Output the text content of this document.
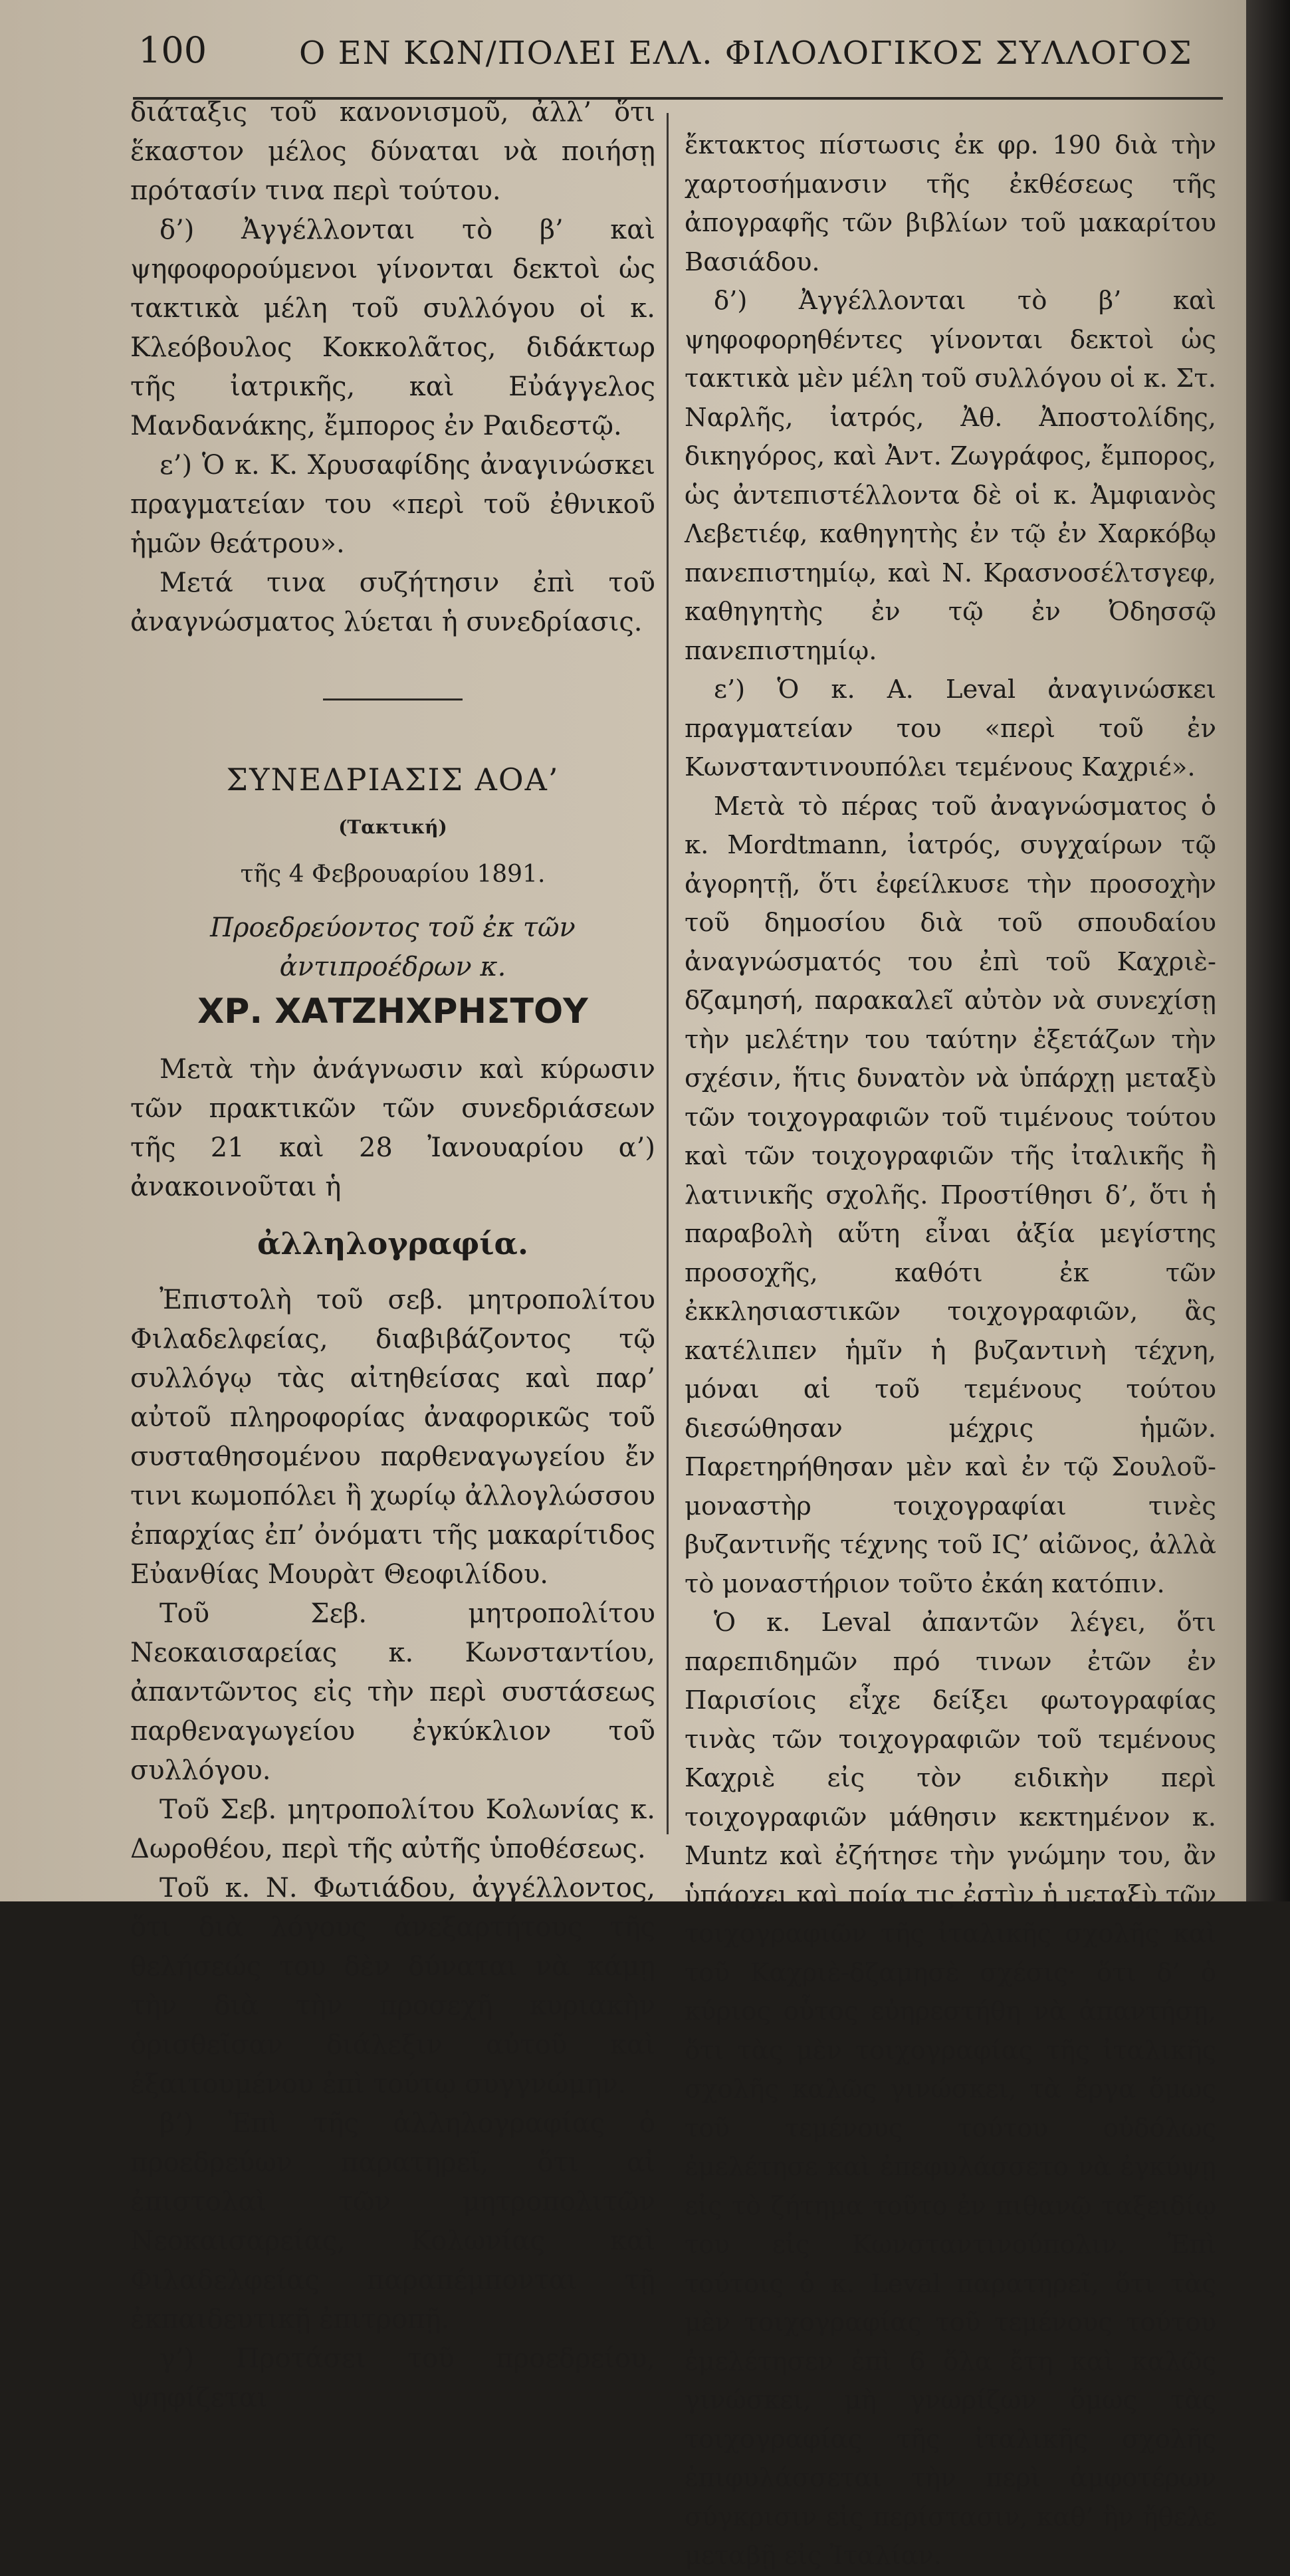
100	Ο ΕΝ ΚΩΝ/ΠΟΛΕΙ ΕΛΛ. ΦΙΛΟΛΟΓΙΚΟΣ ΣΥΛΛΟΓΟΣ

διάταξις τοῦ κανονισμοῦ, ἀλλ’ ὅτι ἕκαστον μέλος δύναται νὰ ποιήσῃ πρότασίν τινα περὶ τούτου.

δ’) Ἀγγέλλονται τὸ β’ καὶ ψηφοφορούμενοι γίνονται δεκτοὶ ὡς τακτικὰ μέλη τοῦ συλλόγου οἱ κ. Κλεόβουλος Κοκκολᾶτος, διδάκτωρ τῆς ἰατρικῆς, καὶ Εὐάγγελος Μανδανάκης, ἔμπορος ἐν Ραιδεστῷ.

ε’) Ὁ κ. Κ. Χρυσαφίδης ἀναγινώσκει πραγματείαν του «περὶ τοῦ ἐθνικοῦ ἡμῶν θεάτρου».

Μετά τινα συζήτησιν ἐπὶ τοῦ ἀναγνώσματος λύεται ἡ συνεδρίασις.

ΣΥΝΕΔΡΙΑΣΙΣ ΑΟΑ’
(Τακτική)
τῆς 4 Φεβρουαρίου 1891.
Προεδρεύοντος τοῦ ἐκ τῶν ἀντιπροέδρων κ.
ΧΡ. ΧΑΤΖΗΧΡΗΣΤΟΥ

Μετὰ τὴν ἀνάγνωσιν καὶ κύρωσιν τῶν πρακτικῶν τῶν συνεδριάσεων τῆς 21 καὶ 28 Ἰανουαρίου α’) ἀνακοινοῦται ἡ

ἀλληλογραφία.

Ἐπιστολὴ τοῦ σεβ. μητροπολίτου Φιλαδελφείας, διαβιβάζοντος τῷ συλλόγῳ τὰς αἰτηθείσας καὶ παρ’ αὐτοῦ πληροφορίας ἀναφορικῶς τοῦ συσταθησομένου παρθεναγωγείου ἔν τινι κωμοπόλει ἢ χωρίῳ ἀλλογλώσσου ἐπαρχίας ἐπ’ ὀνόματι τῆς μακαρίτιδος Εὐανθίας Μουρὰτ Θεοφιλίδου.

Τοῦ Σεβ. μητροπολίτου Νεοκαισαρείας κ. Κωνσταντίου, ἀπαντῶντος εἰς τὴν περὶ συστάσεως παρθεναγωγείου ἐγκύκλιον τοῦ συλλόγου.

Τοῦ Σεβ. μητροπολίτου Κολωνίας κ. Δωροθέου, περὶ τῆς αὐτῆς ὑποθέσεως.

Τοῦ κ. Ν. Φωτιάδου, ἀγγέλλοντος, ὅτι διὰ λόγους ἀνεξαρτήτους τῆς θελήσεώς του δὲν δύναται νὰ κάμῃ τὴν διὰ τὴν προσεχῆ κυριακὴν ὁρισθεῖσαν διάλεξιν αὐτοῦ καὶ ἐξαιτουμένου ἐπὶ τούτῳ συγγνώμην.

β’) Ἐπὶ τῆς ἀλληλογραφίας ὁ προεδρεύων παρατηρεῖ, ὅτι αἱ ἐπιστολαὶ τῶν μητροπολιτῶν Νεοκαισαρείας, Κολωνίας καὶ Φιλαδελφείας παραπέμπονται τῇ ἐκπαιδευτικῇ ἐπιτροπῇ.

γ’) Προτάσει τοῦ προεδρείου, ψηφίζεται

ἔκτακτος πίστωσις ἐκ φρ. 190 διὰ τὴν χαρτοσήμανσιν τῆς ἐκθέσεως τῆς ἀπογραφῆς τῶν βιβλίων τοῦ μακαρίτου Βασιάδου.

δ’) Ἀγγέλλονται τὸ β’ καὶ ψηφοφορηθέντες γίνονται δεκτοὶ ὡς τακτικὰ μὲν μέλη τοῦ συλλόγου οἱ κ. Στ. Ναρλῆς, ἰατρός, Ἀθ. Ἀποστολίδης, δικηγόρος, καὶ Ἀντ. Ζωγράφος, ἔμπορος, ὡς ἀντεπιστέλλοντα δὲ οἱ κ. Ἀμφιανὸς Λεβετιέφ, καθηγητὴς ἐν τῷ ἐν Χαρκόβῳ πανεπιστημίῳ, καὶ Ν. Κρασνοσέλτσγεφ, καθηγητὴς ἐν τῷ ἐν Ὀδησσῷ πανεπιστημίῳ.

ε’) Ὁ κ. Α. Leval ἀναγινώσκει πραγματείαν του «περὶ τοῦ ἐν Κωνσταντινουπόλει τεμένους Καχριέ».

Μετὰ τὸ πέρας τοῦ ἀναγνώσματος ὁ κ. Mordtmann, ἰατρός, συγχαίρων τῷ ἀγορητῇ, ὅτι ἐφείλκυσε τὴν προσοχὴν τοῦ δημοσίου διὰ τοῦ σπουδαίου ἀναγνώσματός του ἐπὶ τοῦ Καχριὲ-δζαμησή, παρακαλεῖ αὐτὸν νὰ συνεχίσῃ τὴν μελέτην του ταύτην ἐξετάζων τὴν σχέσιν, ἥτις δυνατὸν νὰ ὑπάρχῃ μεταξὺ τῶν τοιχογραφιῶν τοῦ τιμένους τούτου καὶ τῶν τοιχογραφιῶν τῆς ἰταλικῆς ἢ λατινικῆς σχολῆς. Προστίθησι δ’, ὅτι ἡ παραβολὴ αὕτη εἶναι ἀξία μεγίστης προσοχῆς, καθότι ἐκ τῶν ἐκκλησιαστικῶν τοιχογραφιῶν, ἃς κατέλιπεν ἡμῖν ἡ βυζαντινὴ τέχνη, μόναι αἱ τοῦ τεμένους τούτου διεσώθησαν μέχρις ἡμῶν. Παρετηρήθησαν μὲν καὶ ἐν τῷ Σουλοῦ-μοναστὴρ τοιχογραφίαι τινὲς βυζαντινῆς τέχνης τοῦ ΙϚ’ αἰῶνος, ἀλλὰ τὸ μοναστήριον τοῦτο ἐκάη κατόπιν.

Ὁ κ. Leval ἀπαντῶν λέγει, ὅτι παρεπιδημῶν πρό τινων ἐτῶν ἐν Παρισίοις εἶχε δείξει φωτογραφίας τινὰς τῶν τοιχογραφιῶν τοῦ τεμένους Καχριὲ εἰς τὸν ειδικὴν περὶ τοιχογραφιῶν μάθησιν κεκτημένον κ. Muntz καὶ ἐζήτησε τὴν γνώμην του, ἂν ὑπάρχει καὶ ποία τις ἐστὶν ἡ μεταξὺ τῶν τοιχογραφιῶν τῆς ἰταλικῆς σχολῆς καὶ τοῦ Καχριὲ-δζαμησὲ σχέσις· ὅτι δ’ ὁ κύριος οὗτος εὐηρεστήθη νὰ ἀπαντήσῃ, ὅτι τὰς μὲν τοιχογραφίας τῆς ἰταλικῆς σχολῆς καλῶς γινώσκει, τὰ ἔργα ὅμως τοῦ τεμένους τούτου οὐδόλως ἐμελέτησε καὶ ἐπεφυλάσσετο νὰ ἐγκύψῃ εἰς τὸ ζήτημα τοῦτο ἐν πιθανῷ ταξειδίῳ του εἰς Κωνσταντινούπολιν. Ἐπὶ τούτοις ὁ κ. Leval παρατηρεῖ, ὅτι τὰς μὲν τοιχογραφίας τοῦ τεμένους τούτου ἐμελέτησεν ἐπὶ 6 ὅλα ἔτη καὶ καλῶς γινώσκει, μὴ γνωρίζων ὅμως τὰς τοιχογραφίας τῆς ἰταλικῆς σχολῆς ἐπιφυλάσσεται τὴν περὶ ἀμφοτέρων σύγκρισιν εἰς περίστασιν, καθ’ ἣν ἤθελε μεταβῇ εἰς Ἰταλίαν.
